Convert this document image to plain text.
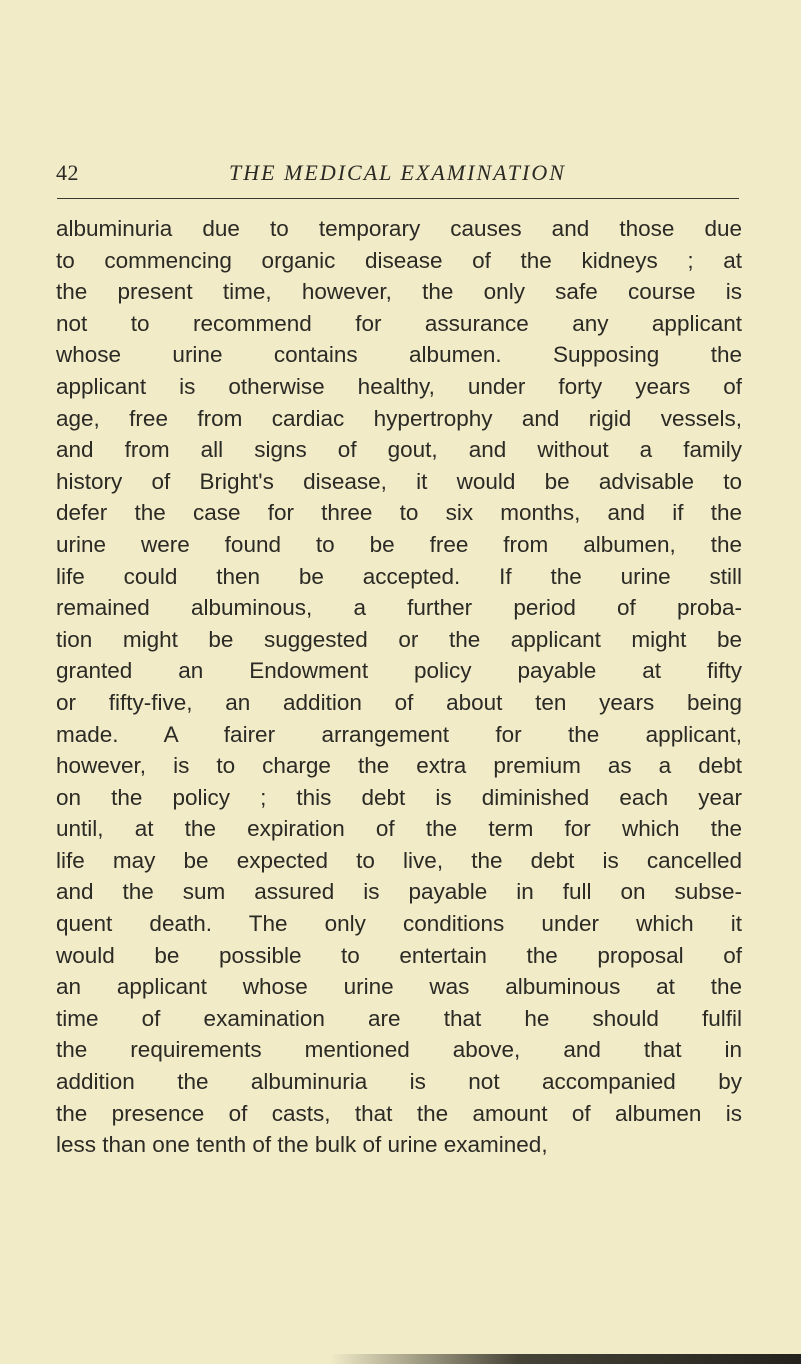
42	THE MEDICAL EXAMINATION
albuminuria due to temporary causes and those due
to commencing organic disease of the kidneys ; at
the present time, however, the only safe course is
not to recommend for assurance any applicant
whose urine contains albumen. Supposing the
applicant is otherwise healthy, under forty years of
age, free from cardiac hypertrophy and rigid vessels,
and from all signs of gout, and without a family
history of Bright's disease, it would be advisable to
defer the case for three to six months, and if the
urine were found to be free from albumen, the
life could then be accepted. If the urine still
remained albuminous, a further period of proba-
tion might be suggested or the applicant might be
granted an Endowment policy payable at fifty
or fifty-five, an addition of about ten years being
made. A fairer arrangement for the applicant,
however, is to charge the extra premium as a debt
on the policy ; this debt is diminished each year
until, at the expiration of the term for which the
life may be expected to live, the debt is cancelled
and the sum assured is payable in full on subse-
quent death. The only conditions under which it
would be possible to entertain the proposal of
an applicant whose urine was albuminous at the
time of examination are that he should fulfil
the requirements mentioned above, and that in
addition the albuminuria is not accompanied by
the presence of casts, that the amount of albumen is
less than one tenth of the bulk of urine examined,
